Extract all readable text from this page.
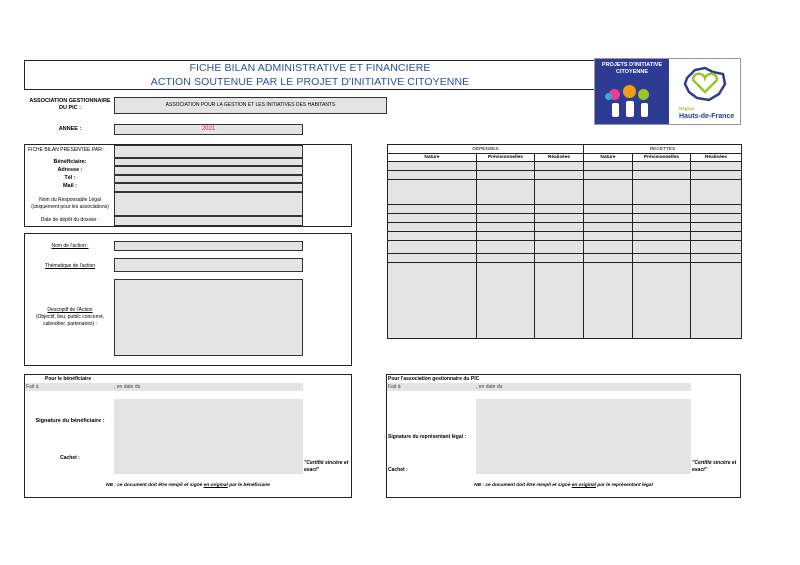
FICHE BILAN ADMINISTRATIVE ET FINANCIERE
ACTION SOUTENUE PAR LE PROJET D'INITIATIVE CITOYENNE
PROJETS D'INITIATIVE CITOYENNE
Région
Hauts-de-France
ASSOCIATION GESTIONNAIRE DU PIC :	ASSOCIATION POUR LA GESTION ET LES INITIATIVES DES HABITANTS
ANNEE :	2021
FICHE BILAN PRESENTEE PAR :
Bénéficiaire:
Adresse :
Tél :
Mail :
Nom du Responsable Légal
(uniquement pour les associations)
Date de dépôt du dossier :
Nom de l'action :
Thématique de l'action
Descriptif de l'Action
(Objectif, lieu, public concerné, calendrier, partenaires) :
DEPENSES			RECETTES		
Nature	Prévisionnelles	Réalisées	Nature	Prévisionnelles	Réalisées

Pour le bénéficiaire
Fait à	, en date du
Signature du bénéficiaire :
Cachet :
"Certifié sincère et exact"
NB : ce document doit être rempli et signé en original par le bénéficiaire
Pour l'association gestionnaire du PIC
Fait à	, en date du
Signature du représentant légal :
Cachet :
"Certifié sincère et exact"
NB : ce document doit être rempli et signé en original par le représentant légal
